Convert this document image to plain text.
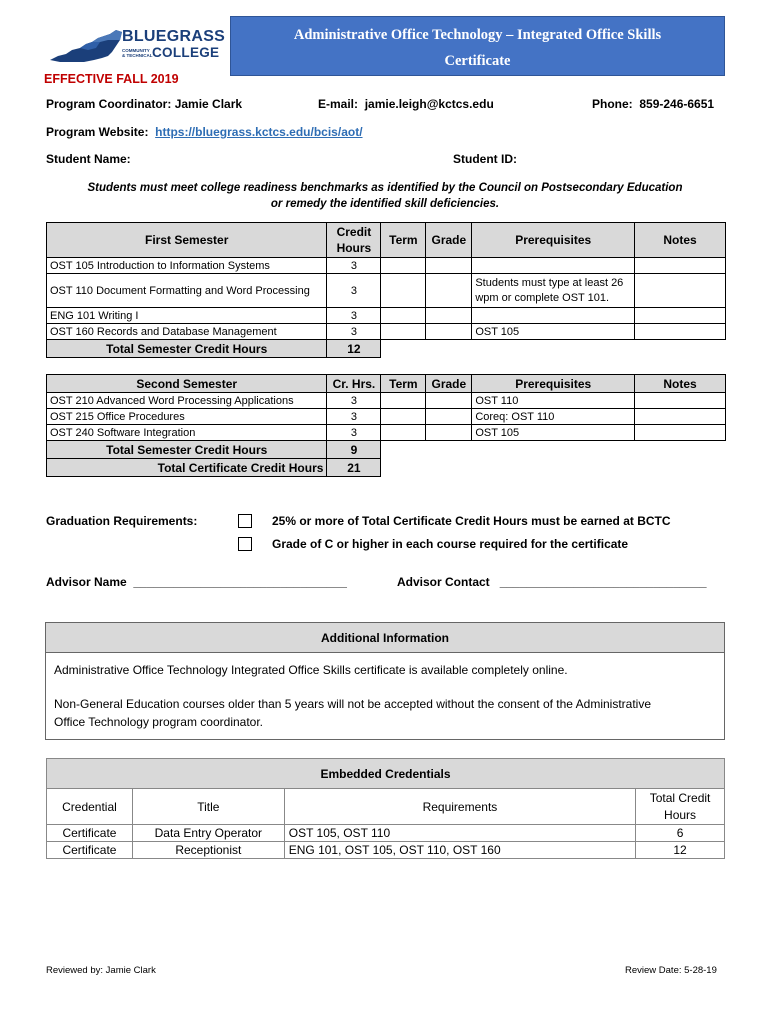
BLUEGRASS
COMMUNITY
& TECHNICAL COLLEGE
Administrative Office Technology – Integrated Office Skills
Certificate
EFFECTIVE FALL 2019
Program Coordinator: Jamie Clark	E-mail: jamie.leigh@kctcs.edu	Phone: 859-246-6651
Program Website: https://bluegrass.kctcs.edu/bcis/aot/
Student Name:	Student ID:
Students must meet college readiness benchmarks as identified by the Council on Postsecondary Education
or remedy the identified skill deficiencies.
First Semester	Credit
Hours	Term	Grade	Prerequisites	Notes
OST 105 Introduction to Information Systems	3				
OST 110 Document Formatting and Word Processing	3			Students must type at least 26 wpm or complete OST 101.	
ENG 101 Writing I	3				
OST 160 Records and Database Management	3			OST 105	
Total Semester Credit Hours	12				
Second Semester	Cr. Hrs.	Term	Grade	Prerequisites	Notes
OST 210 Advanced Word Processing Applications	3			OST 110	
OST 215 Office Procedures	3			Coreq: OST 110	
OST 240 Software Integration	3			OST 105	
Total Semester Credit Hours	9				
Total Certificate Credit Hours	21				
Graduation Requirements:	25% or more of Total Certificate Credit Hours must be earned at BCTC
Grade of C or higher in each course required for the certificate
Advisor Name ________________________________	Advisor Contact _______________________________
Additional Information

Administrative Office Technology Integrated Office Skills certificate is available completely online.

Non-General Education courses older than 5 years will not be accepted without the consent of the Administrative
Office Technology program coordinator.

Embedded Credentials			
Credential	Title	Requirements	Total Credit
Hours
Certificate	Data Entry Operator	OST 105, OST 110	6
Certificate	Receptionist	ENG 101, OST 105, OST 110, OST 160	12
Reviewed by: Jamie Clark	Review Date: 5-28-19
